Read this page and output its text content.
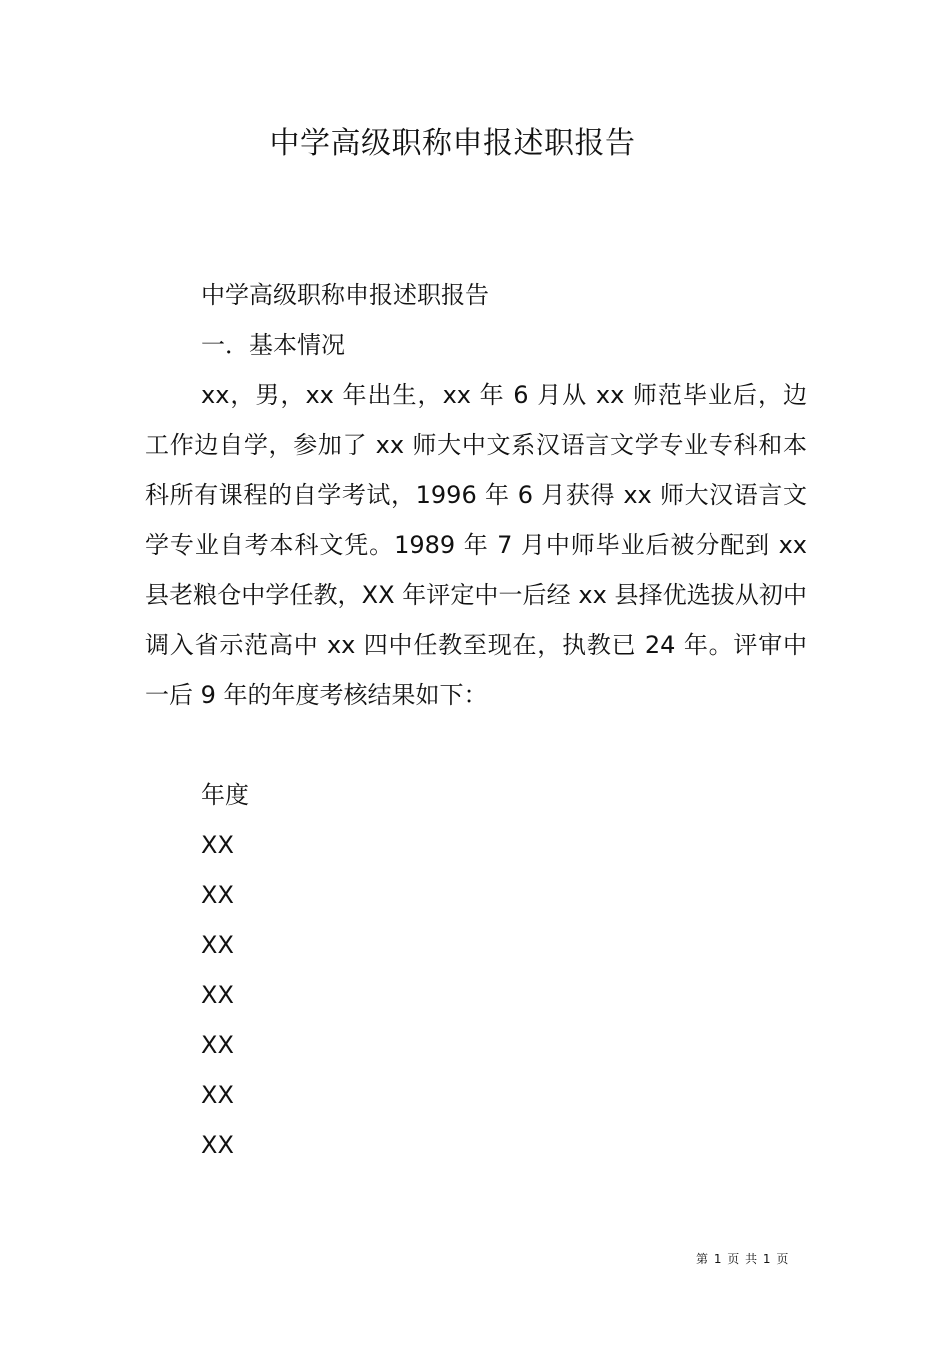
中学高级职称申报述职报告

中学高级职称申报述职报告

一．基本情况

xx，男，xx 年出生，xx 年 6 月从 xx 师范毕业后，边工作边自学，参加了 xx 师大中文系汉语言文学专业专科和本科所有课程的自学考试，1996 年 6 月获得 xx 师大汉语言文学专业自考本科文凭。1989 年 7 月中师毕业后被分配到 xx 县老粮仓中学任教，XX 年评定中一后经 xx 县择优选拔从初中调入省示范高中 xx 四中任教至现在，执教已 24 年。评审中一后 9 年的年度考核结果如下：

年度

XX

XX

XX

XX

XX

XX

XX

第 1 页 共 1 页
